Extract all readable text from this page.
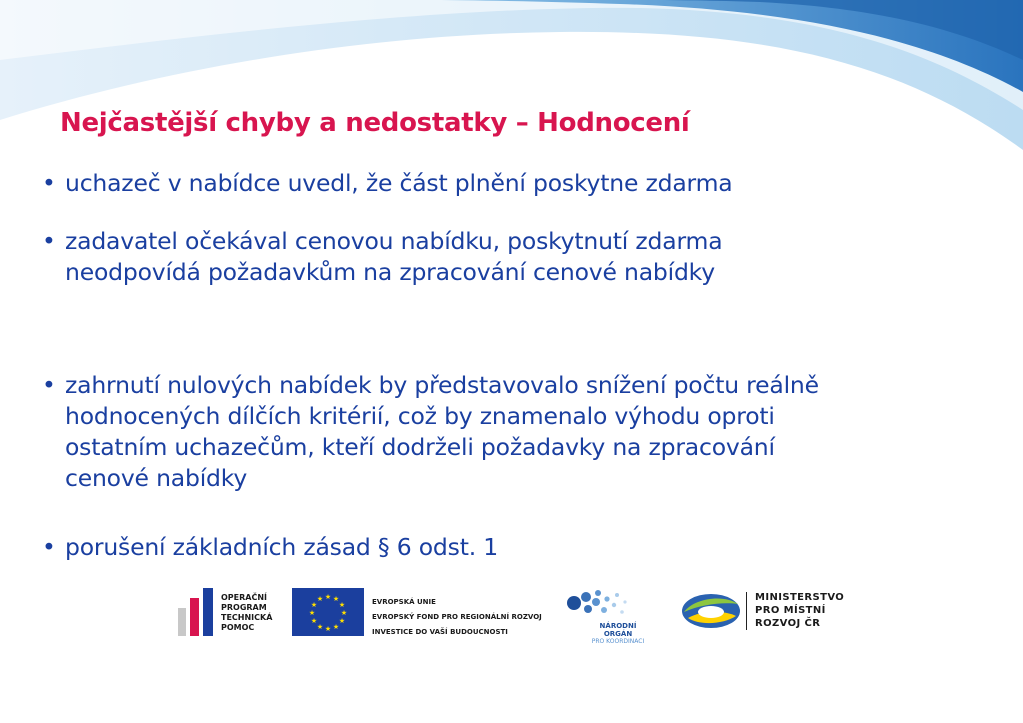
Nejčastější chyby a nedostatky – Hodnocení
• uchazeč v nabídce uvedl, že část plnění poskytne zdarma
• zadavatel očekával cenovou nabídku, poskytnutí zdarma
neodpovídá požadavkům na zpracování cenové nabídky
• zahrnutí nulových nabídek by představovalo snížení počtu reálně
hodnocených dílčích kritérií, což by znamenalo výhodu oproti
ostatním uchazečům, kteří dodrželi požadavky na zpracování
cenové nabídky
• porušení základních zásad § 6 odst. 1
OPERAČNÍ
PROGRAM
TECHNICKÁ
POMOC
★ ★
★
★
★
★
★
★
★
★
★
★	EVROPSKÁ UNIE
EVROPSKÝ FOND PRO REGIONÁLNÍ ROZVOJ
INVESTICE DO VAŠÍ BUDOUCNOSTI
NÁRODNÍ ORGÁN
PRO KOORDINACI
MINISTERSTVO
PRO MÍSTNÍ
ROZVOJ ČR
